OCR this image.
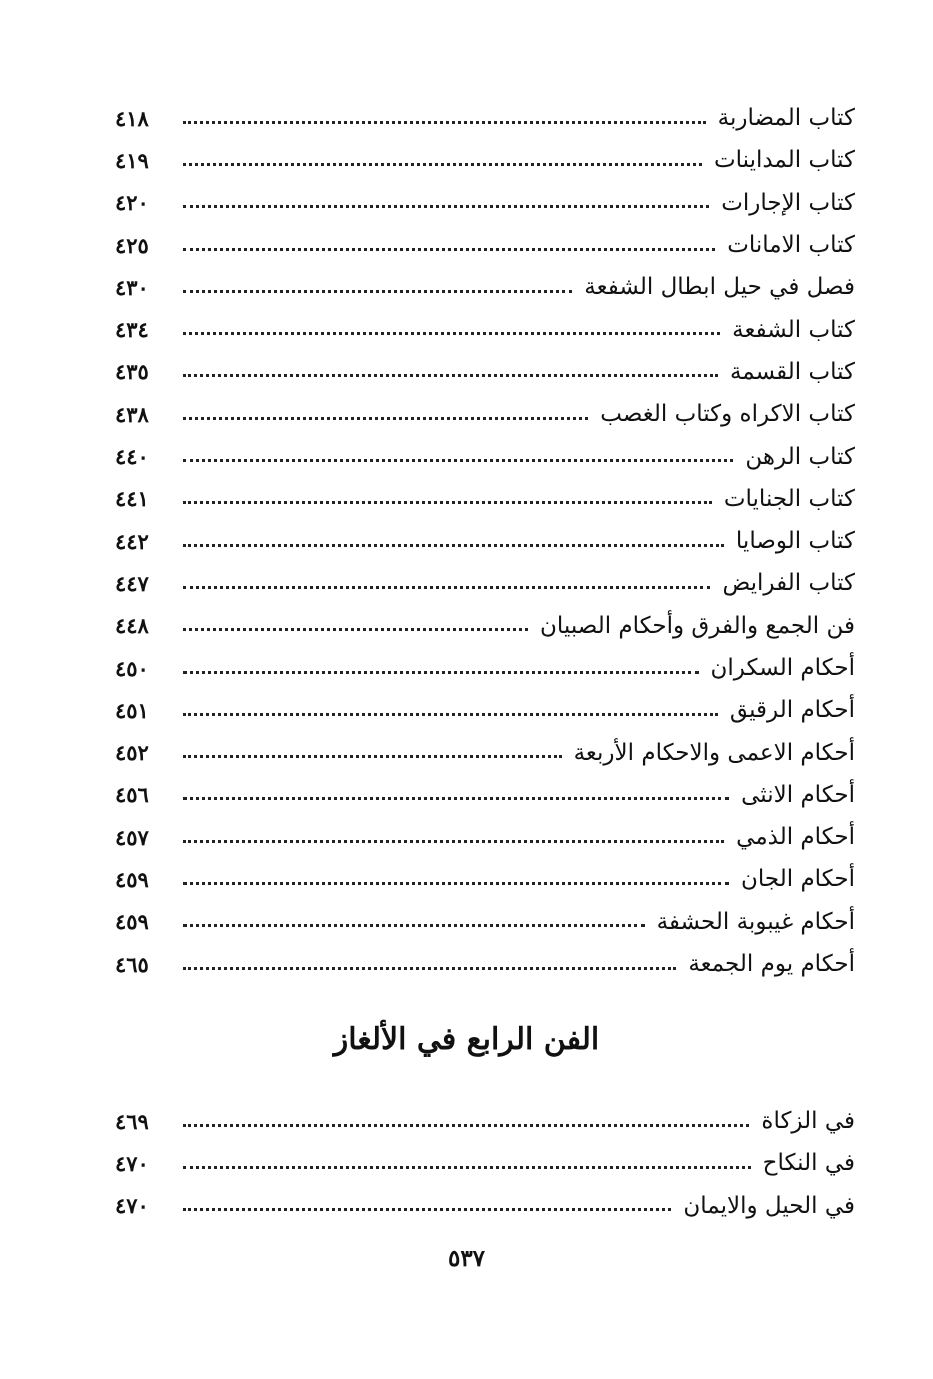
كتاب المضاربة
٤١٨
كتاب المداينات
٤١٩
كتاب الإجارات
٤٢٠
كتاب الامانات
٤٢٥
فصل في حيل ابطال الشفعة
٤٣٠
كتاب الشفعة
٤٣٤
كتاب القسمة
٤٣٥
كتاب الاكراه وكتاب الغصب
٤٣٨
كتاب الرهن
٤٤٠
كتاب الجنايات
٤٤١
كتاب الوصايا
٤٤٢
كتاب الفرايض
٤٤٧
فن الجمع والفرق وأحكام الصبيان
٤٤٨
أحكام السكران
٤٥٠
أحكام الرقيق
٤٥١
أحكام الاعمى والاحكام الأربعة
٤٥٢
أحكام الانثى
٤٥٦
أحكام الذمي
٤٥٧
أحكام الجان
٤٥٩
أحكام غيبوبة الحشفة
٤٥٩
أحكام يوم الجمعة
٤٦٥
الفن الرابع في الألغاز
في الزكاة
٤٦٩
في النكاح
٤٧٠
في الحيل والايمان
٤٧٠
٥٣٧
